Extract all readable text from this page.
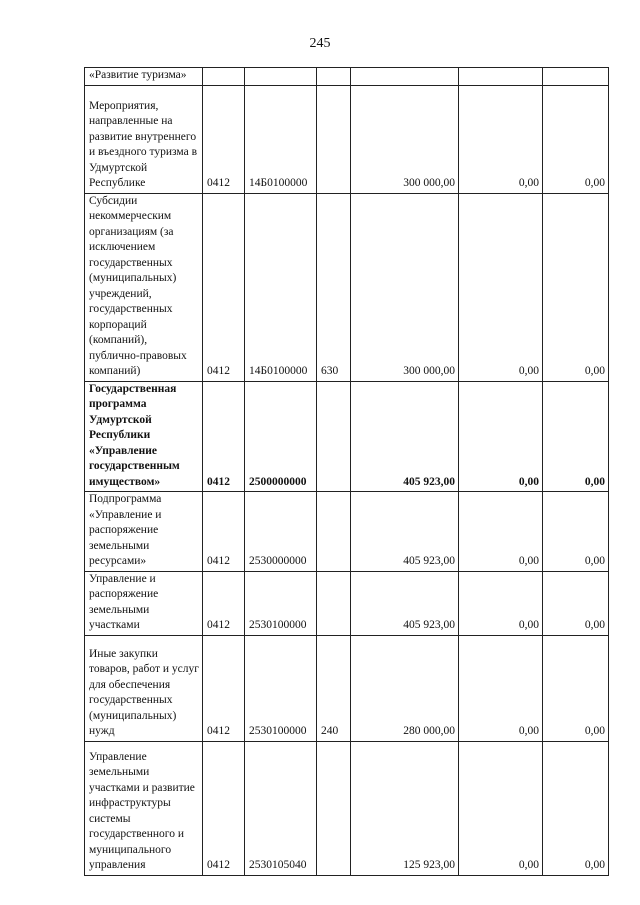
245
«Развитие туризма»						
Мероприятия, направленные на развитие внутреннего и въездного туризма в Удмуртской Республике	0412	14Б0100000		300 000,00	0,00	0,00
Субсидии некоммерческим организациям (за исключением государственных (муниципальных) учреждений, государственных корпораций (компаний), публично-правовых компаний)	0412	14Б0100000	630	300 000,00	0,00	0,00
Государственная программа Удмуртской Республики «Управление государственным имуществом»	0412	2500000000		405 923,00	0,00	0,00
Подпрограмма «Управление и распоряжение земельными ресурсами»	0412	2530000000		405 923,00	0,00	0,00
Управление и распоряжение земельными участками	0412	2530100000		405 923,00	0,00	0,00
Иные закупки товаров, работ и услуг для обеспечения государственных (муниципальных) нужд	0412	2530100000	240	280 000,00	0,00	0,00
Управление земельными участками и развитие инфраструктуры системы государственного и муниципального управления	0412	2530105040		125 923,00	0,00	0,00
